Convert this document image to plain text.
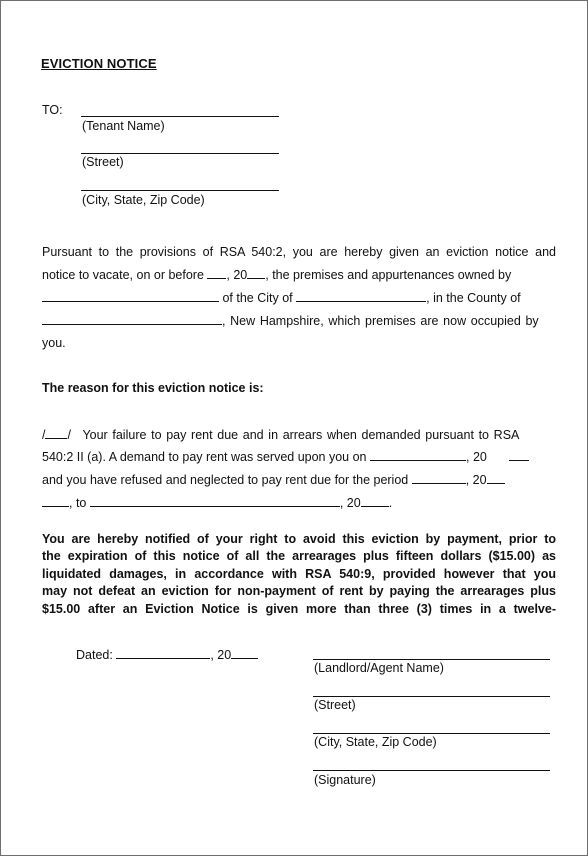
EVICTION NOTICE
TO:
(Tenant Name)
(Street)
(City, State, Zip Code)
Pursuant to the provisions of RSA 540:2, you are hereby given an eviction notice and
notice to vacate, on or before , 20 , the premises and appurtenances owned by
of the City of	, in the County of
, New Hampshire, which premises are now occupied by
you.
The reason for this eviction notice is:
/ / Your failure to pay rent due and in arrears when demanded pursuant to RSA
540:2 II (a). A demand to pay rent was served upon you on	, 20
and you have refused and neglected to pay rent due for the period	, 20
, to	, 20 .
You are hereby notified of your right to avoid this eviction by payment, prior to
the expiration of this notice of all the arrearages plus fifteen dollars ($15.00) as
liquidated damages, in accordance with RSA 540:9, provided however that you
may not defeat an eviction for non-payment of rent by paying the arrearages plus
$15.00 after an Eviction Notice is given more than three (3) times in a twelve-
Dated:	, 20
(Landlord/Agent Name)
(Street)
(City, State, Zip Code)
(Signature)
